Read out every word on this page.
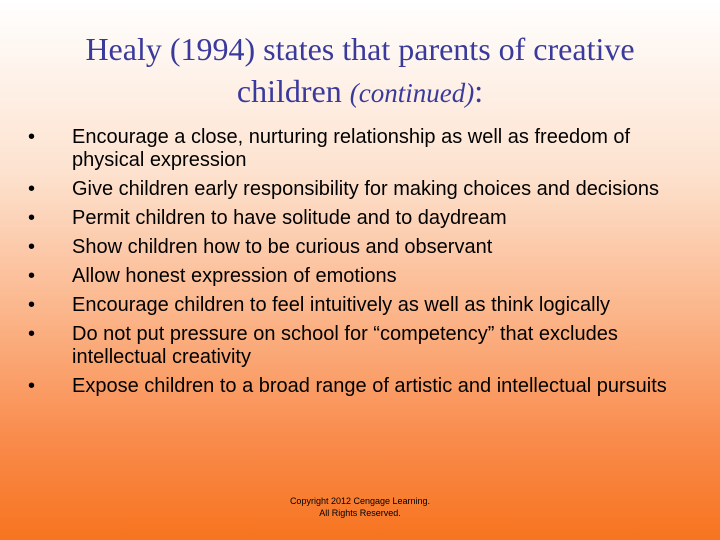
Healy (1994) states that parents of creative
children (continued):
• Encourage a close, nurturing relationship as well as freedom of physical expression
• Give children early responsibility for making choices and decisions
• Permit children to have solitude and to daydream
• Show children how to be curious and observant
• Allow honest expression of emotions
• Encourage children to feel intuitively as well as think logically
• Do not put pressure on school for “competency” that excludes intellectual creativity
• Expose children to a broad range of artistic and intellectual pursuits
Copyright 2012 Cengage Learning.
All Rights Reserved.
